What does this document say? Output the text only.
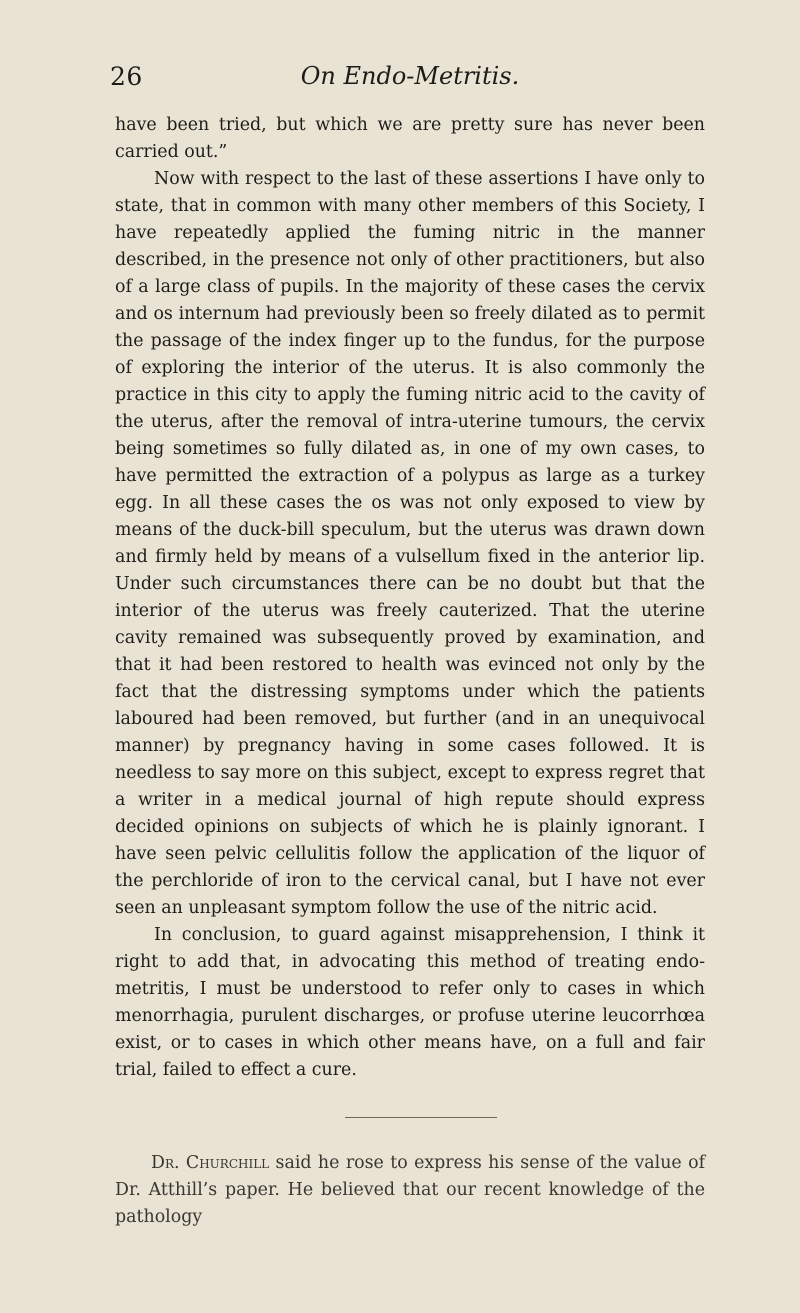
26	On Endo-Metritis.

have been tried, but which we are pretty sure has never been carried out.”

Now with respect to the last of these assertions I have only to state, that in common with many other members of this Society, I have repeatedly applied the fuming nitric in the manner described, in the presence not only of other practitioners, but also of a large class of pupils. In the majority of these cases the cervix and os internum had previously been so freely dilated as to permit the passage of the index finger up to the fundus, for the purpose of exploring the interior of the uterus. It is also commonly the practice in this city to apply the fuming nitric acid to the cavity of the uterus, after the removal of intra-uterine tumours, the cervix being sometimes so fully dilated as, in one of my own cases, to have permitted the extraction of a polypus as large as a turkey egg. In all these cases the os was not only exposed to view by means of the duck-bill speculum, but the uterus was drawn down and firmly held by means of a vulsellum fixed in the anterior lip. Under such circumstances there can be no doubt but that the interior of the uterus was freely cauterized. That the uterine cavity remained was subsequently proved by examination, and that it had been restored to health was evinced not only by the fact that the distressing symptoms under which the patients laboured had been removed, but further (and in an unequivocal manner) by pregnancy having in some cases followed. It is needless to say more on this subject, except to express regret that a writer in a medical journal of high repute should express decided opinions on subjects of which he is plainly ignorant. I have seen pelvic cellulitis follow the application of the liquor of the perchloride of iron to the cervical canal, but I have not ever seen an unpleasant symptom follow the use of the nitric acid.

In conclusion, to guard against misapprehension, I think it right to add that, in advocating this method of treating endo-metritis, I must be understood to refer only to cases in which menorrhagia, purulent discharges, or profuse uterine leucorrhœa exist, or to cases in which other means have, on a full and fair trial, failed to effect a cure.

Dr. Churchill said he rose to express his sense of the value of Dr. Atthill’s paper. He believed that our recent knowledge of the pathology
